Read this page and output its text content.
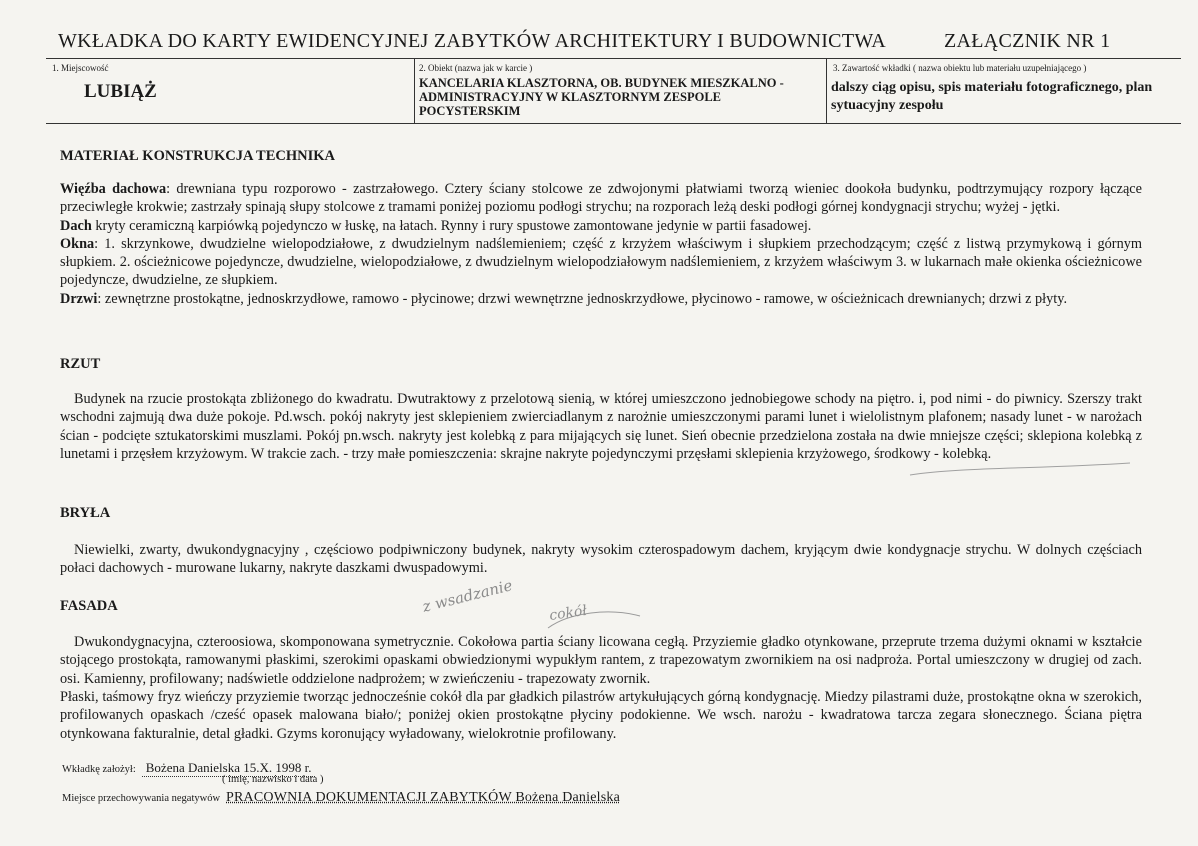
WKŁADKA DO KARTY EWIDENCYJNEJ ZABYTKÓW ARCHITEKTURY I BUDOWNICTWA	ZAŁĄCZNIK NR 1
1. Miejscowość
LUBIĄŻ
2. Obiekt (nazwa jak w karcie )
KANCELARIA KLASZTORNA, OB. BUDYNEK MIESZKALNO -ADMINISTRACYJNY W KLASZTORNYM ZESPOLE POCYSTERSKIM
3. Zawartość wkładki ( nazwa obiektu lub materiału uzupełniającego )
dalszy ciąg opisu, spis materiału fotograficznego, plan sytuacyjny zespołu
MATERIAŁ KONSTRUKCJA TECHNIKA
Więźba dachowa: drewniana typu rozporowo - zastrzałowego. Cztery ściany stolcowe ze zdwojonymi płatwiami tworzą wieniec dookoła budynku, podtrzymujący rozpory łączące przeciwległe krokwie; zastrzały spinają słupy stolcowe z tramami poniżej poziomu podłogi strychu; na rozporach leżą deski podłogi górnej kondygnacji strychu; wyżej - jętki.
Dach kryty ceramiczną karpiówką pojedynczo w łuskę, na łatach. Rynny i rury spustowe zamontowane jedynie w partii fasadowej.
Okna: 1. skrzynkowe, dwudzielne wielopodziałowe, z dwudzielnym nadślemieniem; część z krzyżem właściwym i słupkiem przechodzącym; część z listwą przymykową i górnym słupkiem. 2. ościeżnicowe pojedyncze, dwudzielne, wielopodziałowe, z dwudzielnym wielopodziałowym nadślemieniem, z krzyżem właściwym 3. w lukarnach małe okienka ościeżnicowe pojedyncze, dwudzielne, ze słupkiem.
Drzwi: zewnętrzne prostokątne, jednoskrzydłowe, ramowo - płycinowe; drzwi wewnętrzne jednoskrzydłowe, płycinowo - ramowe, w ościeżnicach drewnianych; drzwi z płyty.
RZUT
Budynek na rzucie prostokąta zbliżonego do kwadratu. Dwutraktowy z przelotową sienią, w której umieszczono jednobiegowe schody na piętro. i, pod nimi - do piwnicy. Szerszy trakt wschodni zajmują dwa duże pokoje. Pd.wsch. pokój nakryty jest sklepieniem zwierciadlanym z narożnie umieszczonymi parami lunet i wielolistnym plafonem; nasady lunet - w narożach ścian - podcięte sztukatorskimi muszlami. Pokój pn.wsch. nakryty jest kolebką z para mijających się lunet. Sień obecnie przedzielona została na dwie mniejsze części; sklepiona kolebką z lunetami i przęsłem krzyżowym. W trakcie zach. - trzy małe pomieszczenia: skrajne nakryte pojedynczymi przęsłami sklepienia krzyżowego, środkowy - kolebką.
BRYŁA
Niewielki, zwarty, dwukondygnacyjny , częściowo podpiwniczony budynek, nakryty wysokim czterospadowym dachem, kryjącym dwie kondygnacje strychu. W dolnych częściach połaci dachowych - murowane lukarny, nakryte daszkami dwuspadowymi.
FASADA
Dwukondygnacyjna, czteroosiowa, skomponowana symetrycznie. Cokołowa partia ściany licowana cegłą. Przyziemie gładko otynkowane, przeprute trzema dużymi oknami w kształcie stojącego prostokąta, ramowanymi płaskimi, szerokimi opaskami obwiedzionymi wypukłym rantem, z trapezowatym zwornikiem na osi nadproża. Portal umieszczony w drugiej od zach. osi. Kamienny, profilowany; nadświetle oddzielone nadprożem; w zwieńczeniu - trapezowaty zwornik.
Płaski, taśmowy fryz wieńczy przyziemie tworząc jednocześnie cokół dla par gładkich pilastrów artykułujących górną kondygnację. Miedzy pilastrami duże, prostokątne okna w szerokich, profilowanych opaskach /cześć opasek malowana biało/; poniżej okien prostokątne płyciny podokienne. We wsch. narożu - kwadratowa tarcza zegara słonecznego. Ściana piętra otynkowana fakturalnie, detal gładki. Gzyms koronujący wyładowany, wielokrotnie profilowany.
z wsadzanie cokół
Wkładkę założył: Bożena Danielska 15.X. 1998 r.
( imię, nazwisko i data )
Miejsce przechowywania negatywów PRACOWNIA DOKUMENTACJI ZABYTKÓW Bożena Danielska
